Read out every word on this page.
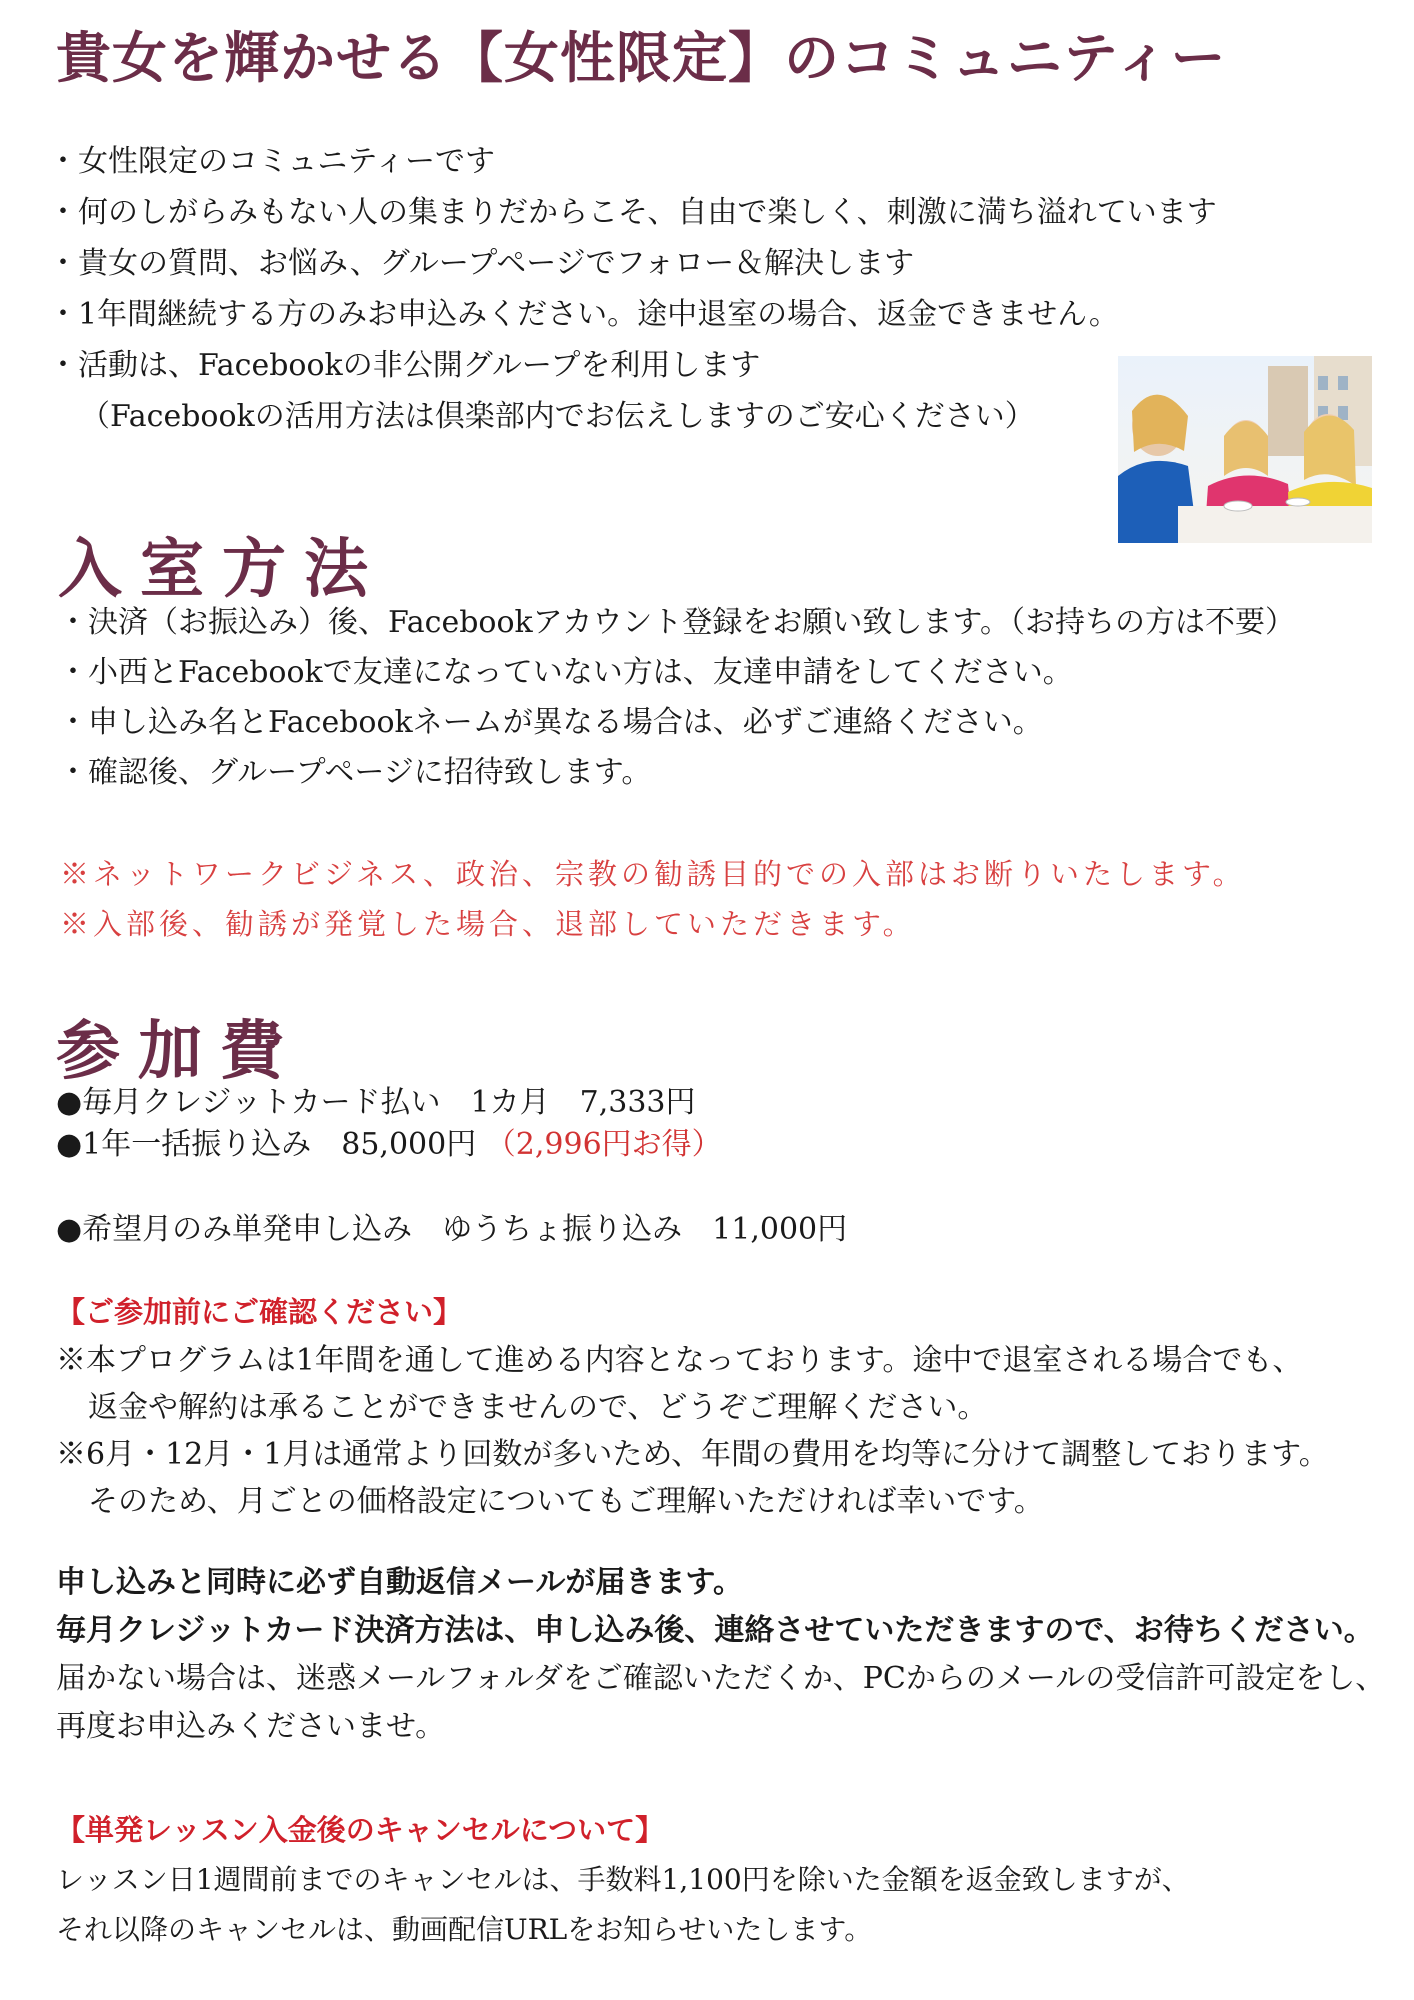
貴女を輝かせる【女性限定】のコミュニティー
・女性限定のコミュニティーです
・何のしがらみもない人の集まりだからこそ、自由で楽しく、刺激に満ち溢れています
・貴女の質問、お悩み、グループページでフォロー＆解決します
・1年間継続する方のみお申込みください。途中退室の場合、返金できません。
・活動は、Facebookの非公開グループを利用します
（Facebookの活用方法は倶楽部内でお伝えしますのご安心ください）
入室方法
・決済（お振込み）後、Facebookアカウント登録をお願い致します。（お持ちの方は不要）
・小西とFacebookで友達になっていない方は、友達申請をしてください。
・申し込み名とFacebookネームが異なる場合は、必ずご連絡ください。
・確認後、グループページに招待致します。
※ネットワークビジネス、政治、宗教の勧誘目的での入部はお断りいたします。
※入部後、勧誘が発覚した場合、退部していただきます。
参加費
●毎月クレジットカード払い　1カ月　7,333円
●1年一括振り込み　85,000円 （2,996円お得）
●希望月のみ単発申し込み　ゆうちょ振り込み　11,000円
【ご参加前にご確認ください】
※本プログラムは1年間を通して進める内容となっております。途中で退室される場合でも、
返金や解約は承ることができませんので、どうぞご理解ください。
※6月・12月・1月は通常より回数が多いため、年間の費用を均等に分けて調整しております。
そのため、月ごとの価格設定についてもご理解いただければ幸いです。
申し込みと同時に必ず自動返信メールが届きます。
毎月クレジットカード決済方法は、申し込み後、連絡させていただきますので、お待ちください。
届かない場合は、迷惑メールフォルダをご確認いただくか、PCからのメールの受信許可設定をし、
再度お申込みくださいませ。
【単発レッスン入金後のキャンセルについて】
レッスン日1週間前までのキャンセルは、手数料1,100円を除いた金額を返金致しますが、
それ以降のキャンセルは、動画配信URLをお知らせいたします。
